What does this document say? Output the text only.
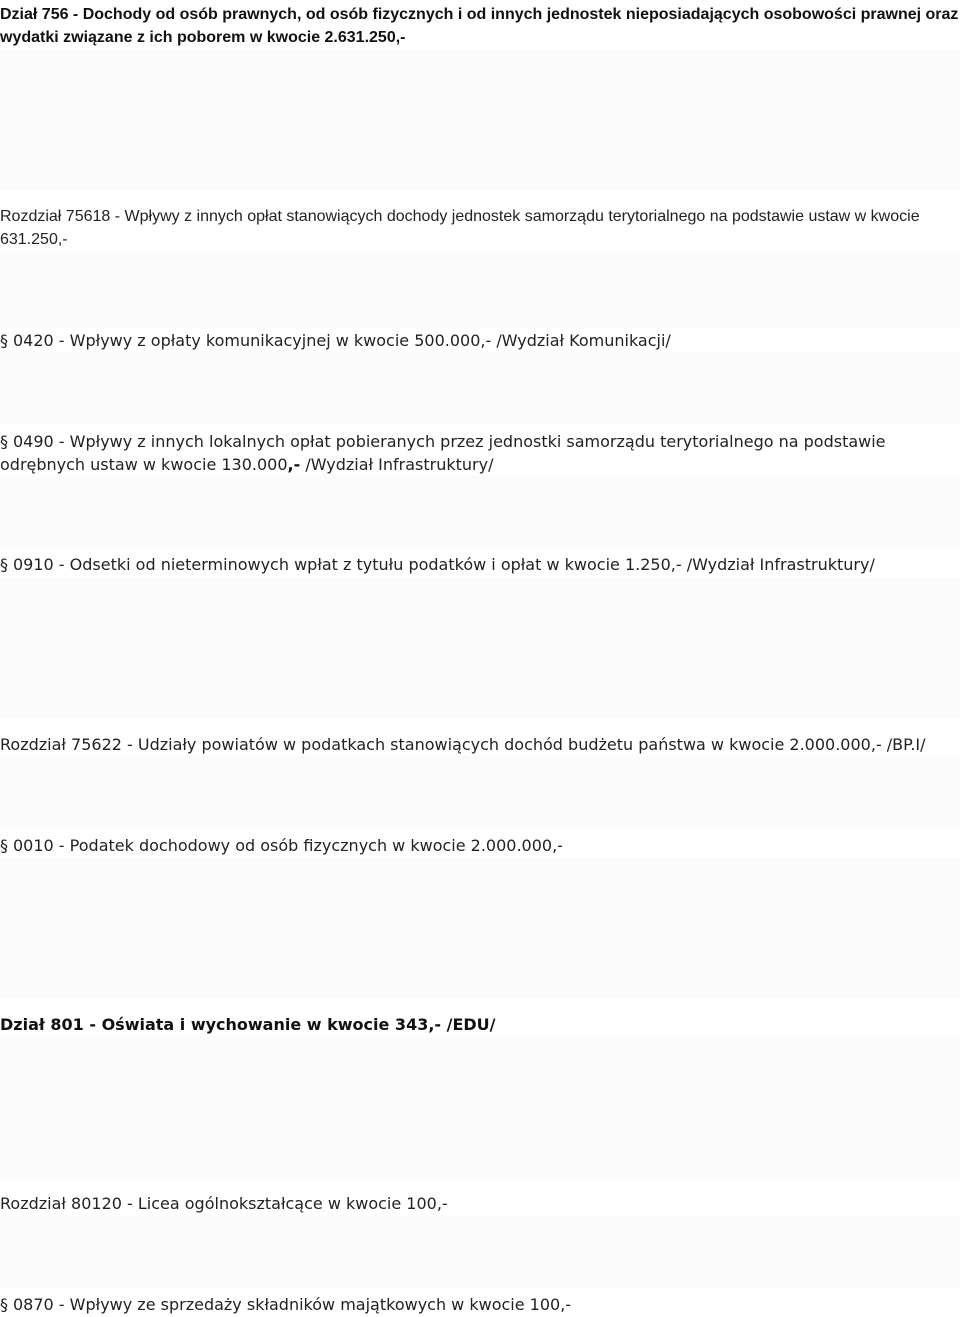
Dział 756 - Dochody od osób prawnych, od osób fizycznych i od innych jednostek nieposiadających osobowości prawnej oraz wydatki związane z ich poborem w kwocie 2.631.250,-

Rozdział 75618 - Wpływy z innych opłat stanowiących dochody jednostek samorządu terytorialnego na podstawie ustaw w kwocie 631.250,-

§ 0420 - Wpływy z opłaty komunikacyjnej w kwocie 500.000,- /Wydział Komunikacji/

§ 0490 - Wpływy z innych lokalnych opłat pobieranych przez jednostki samorządu terytorialnego na podstawie odrębnych ustaw w kwocie 130.000,- /Wydział Infrastruktury/

§ 0910 - Odsetki od nieterminowych wpłat z tytułu podatków i opłat w kwocie 1.250,- /Wydział Infrastruktury/

Rozdział 75622 - Udziały powiatów w podatkach stanowiących dochód budżetu państwa w kwocie 2.000.000,- /BP.I/

§ 0010 - Podatek dochodowy od osób fizycznych w kwocie 2.000.000,-

Dział 801 - Oświata i wychowanie w kwocie 343,- /EDU/

Rozdział 80120 - Licea ogólnokształcące w kwocie 100,-

§ 0870 - Wpływy ze sprzedaży składników majątkowych w kwocie 100,-
